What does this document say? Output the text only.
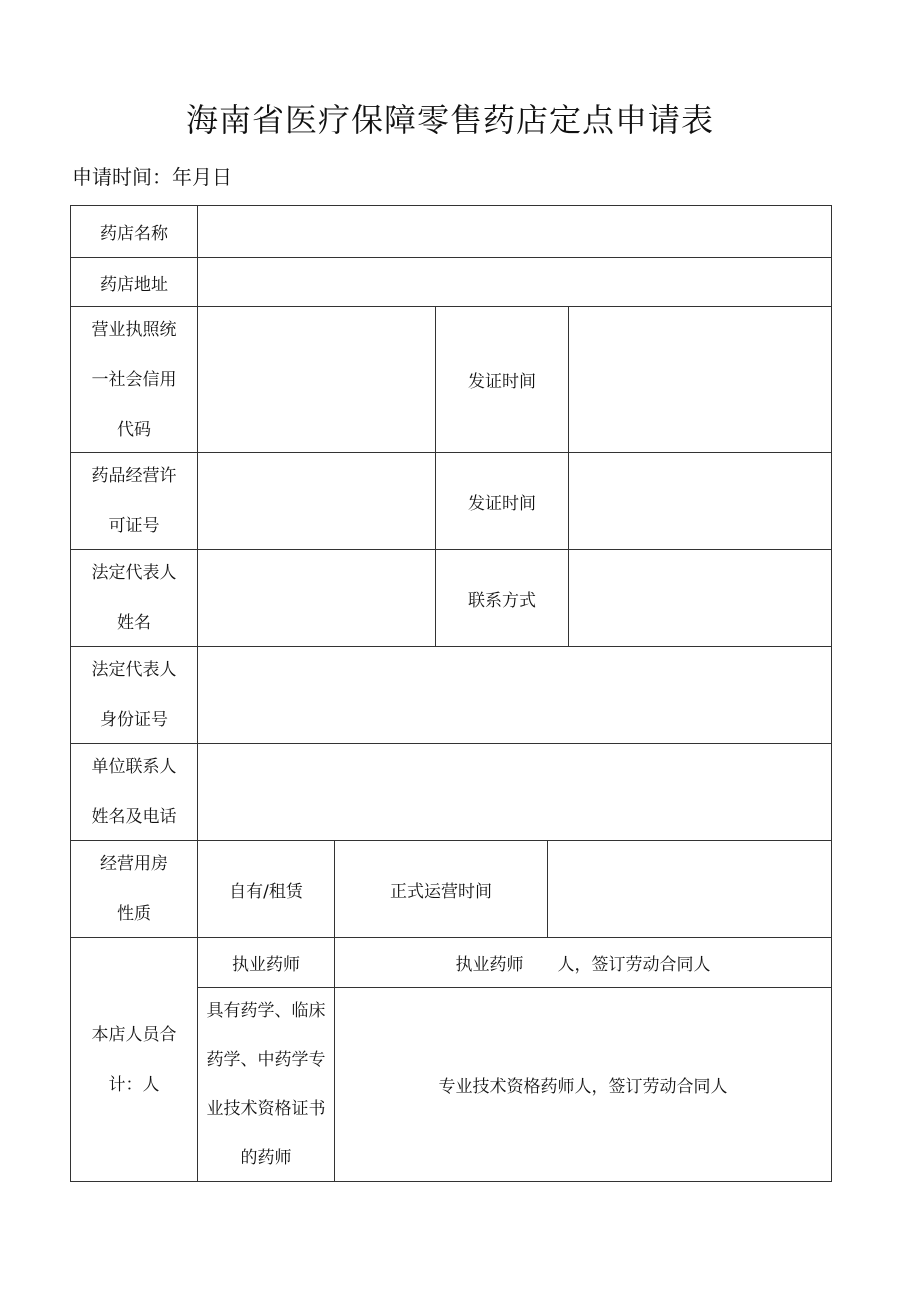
海南省医疗保障零售药店定点申请表
申请时间：年月日
药店名称
药店地址
营业执照统
一社会信用
代码
发证时间
药品经营许
可证号
发证时间
法定代表人
姓名
联系方式
法定代表人
身份证号
单位联系人
姓名及电话
经营用房
性质
自有/租赁	正式运营时间
本店人员合
计：人
执业药师	执业药师　　人，签订劳动合同人
具有药学、临床
药学、中药学专
业技术资格证书
的药师
专业技术资格药师人，签订劳动合同人
